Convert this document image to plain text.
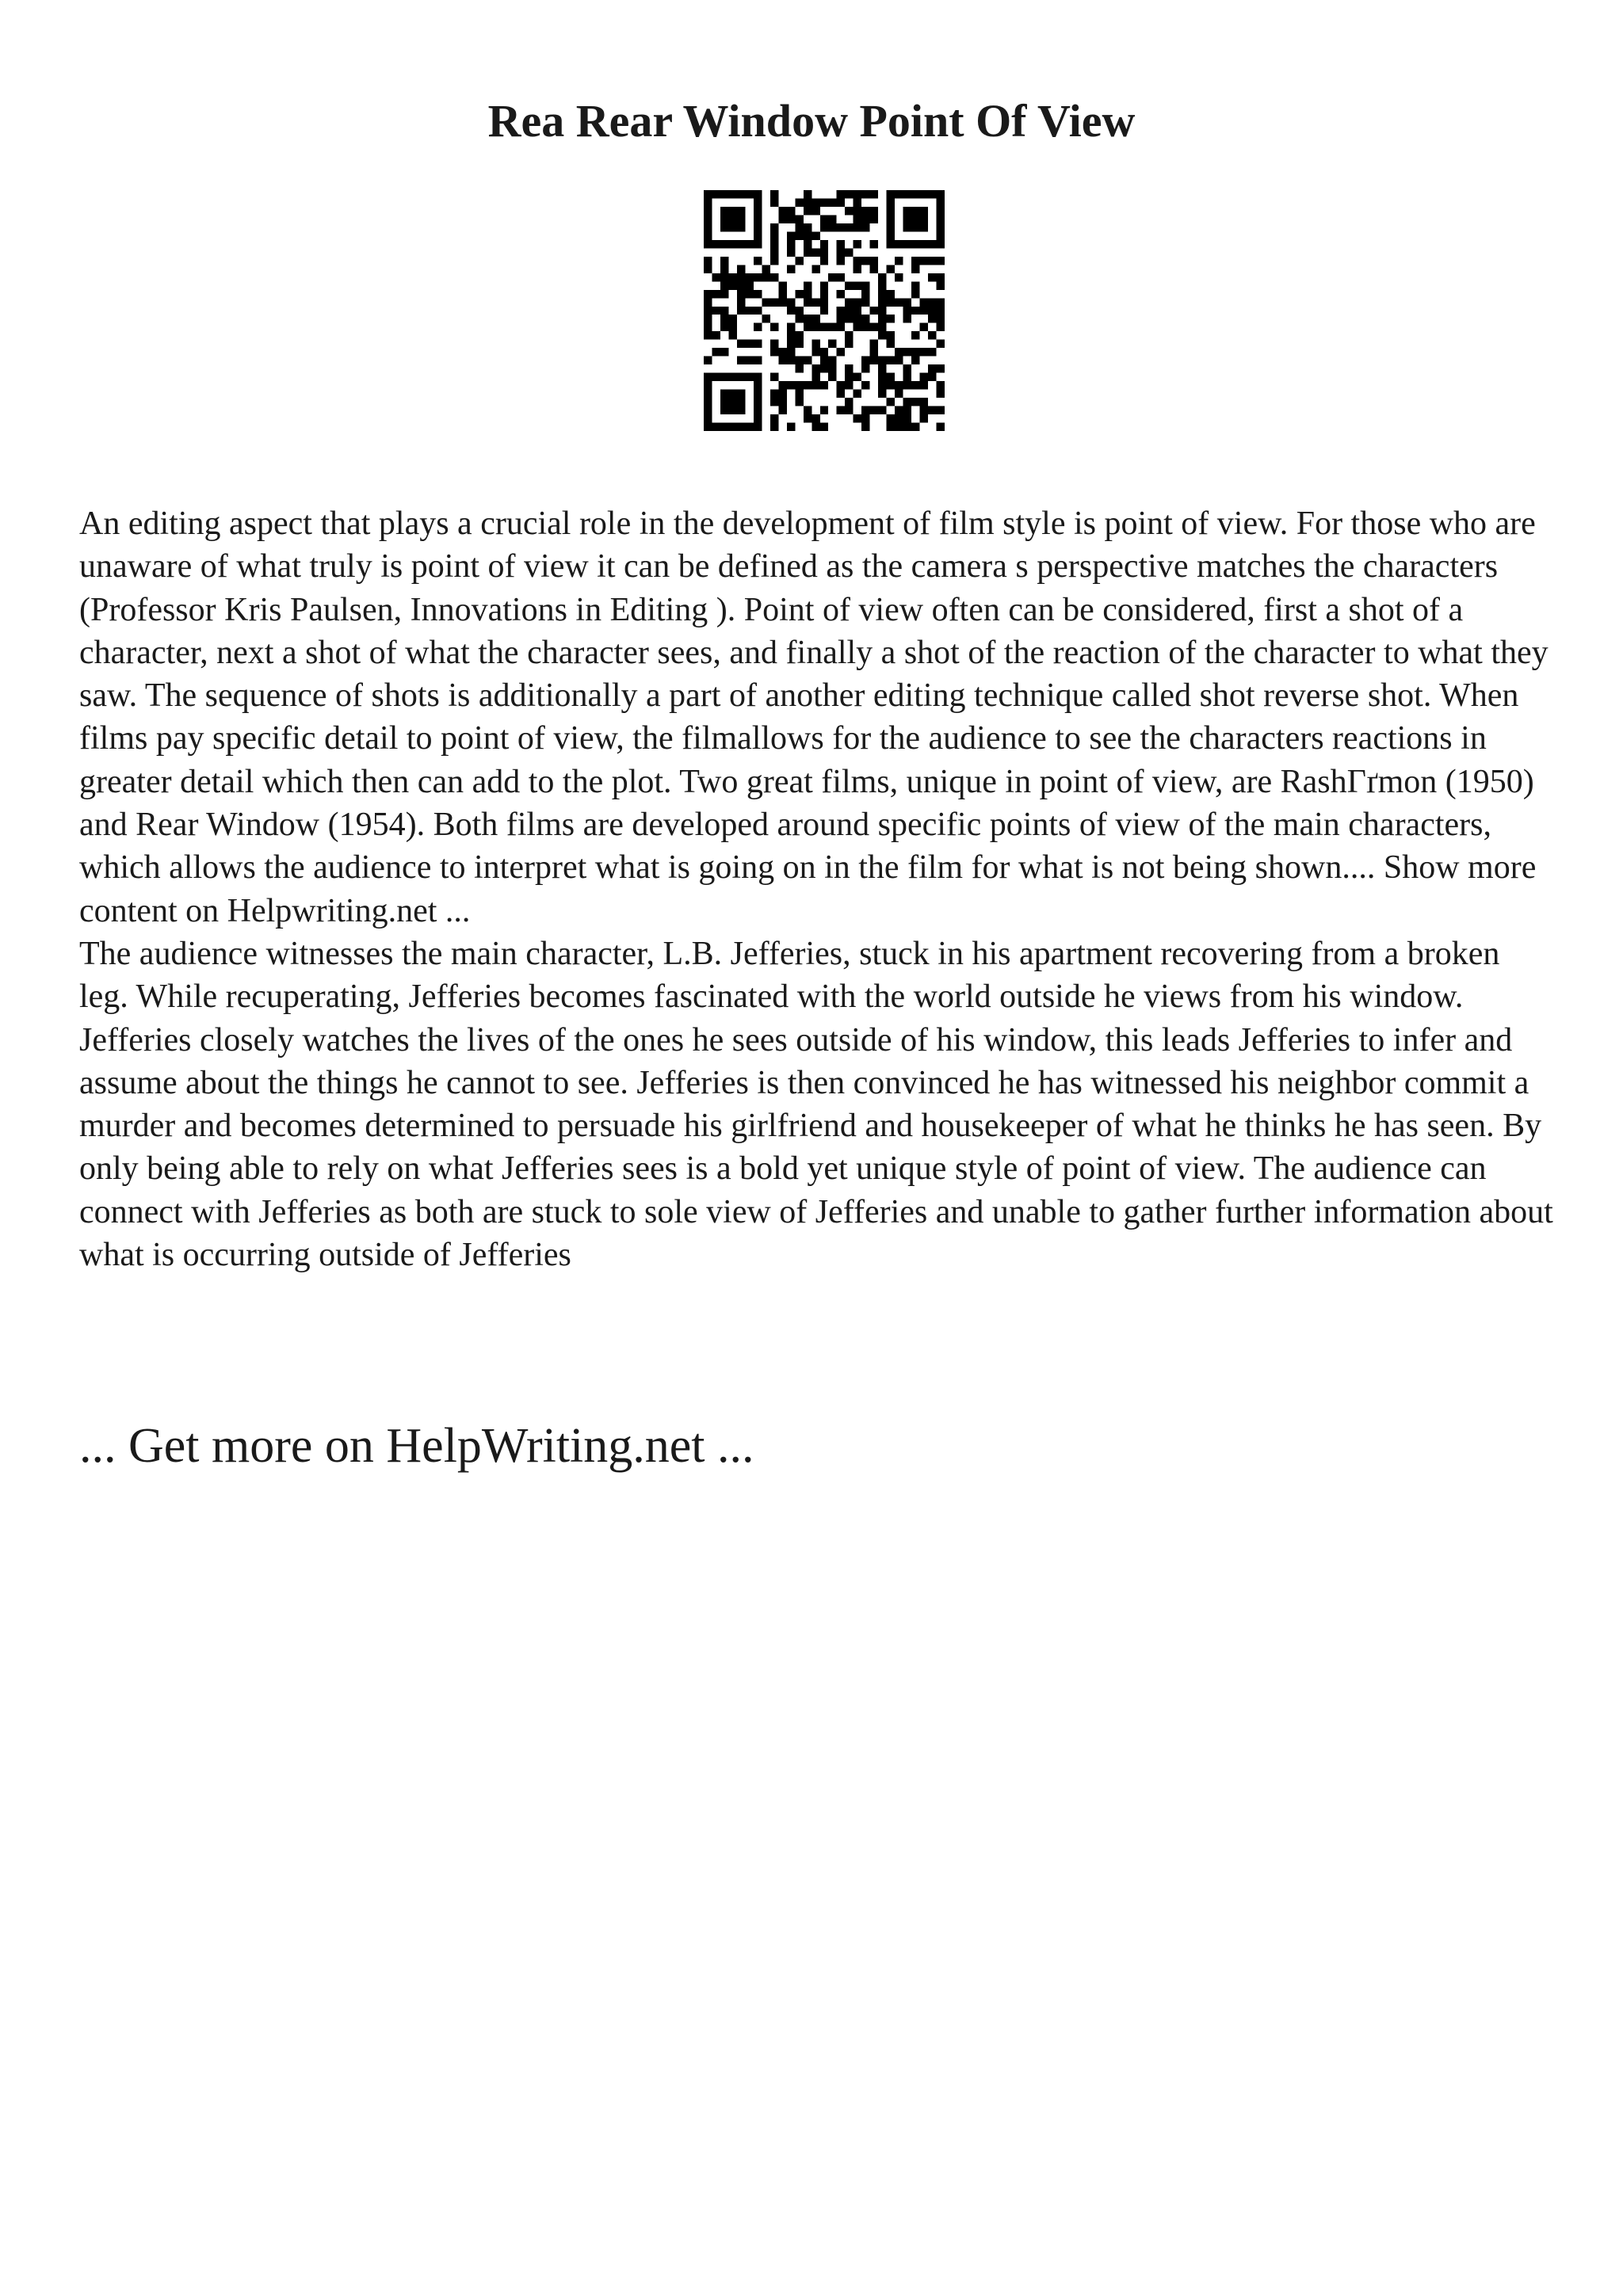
Rea Rear Window Point Of View

An editing aspect that plays a crucial role in the development of film style is point of view. For those who are unaware of what truly is point of view it can be defined as the camera s perspective matches the characters (Professor Kris Paulsen, Innovations in Editing ). Point of view often can be considered, first a shot of a character, next a shot of what the character sees, and finally a shot of the reaction of the character to what they saw. The sequence of shots is additionally a part of another editing technique called shot reverse shot. When films pay specific detail to point of view, the filmallows for the audience to see the characters reactions in greater detail which then can add to the plot. Two great films, unique in point of view, are RashГґmon (1950) and Rear Window (1954). Both films are developed around specific points of view of the main characters, which allows the audience to interpret what is going on in the film for what is not being shown.... Show more content on Helpwriting.net ...

The audience witnesses the main character, L.B. Jefferies, stuck in his apartment recovering from a broken leg. While recuperating, Jefferies becomes fascinated with the world outside he views from his window. Jefferies closely watches the lives of the ones he sees outside of his window, this leads Jefferies to infer and assume about the things he cannot to see. Jefferies is then convinced he has witnessed his neighbor commit a murder and becomes determined to persuade his girlfriend and housekeeper of what he thinks he has seen. By only being able to rely on what Jefferies sees is a bold yet unique style of point of view. The audience can connect with Jefferies as both are stuck to sole view of Jefferies and unable to gather further information about what is occurring outside of Jefferies

... Get more on HelpWriting.net ...
